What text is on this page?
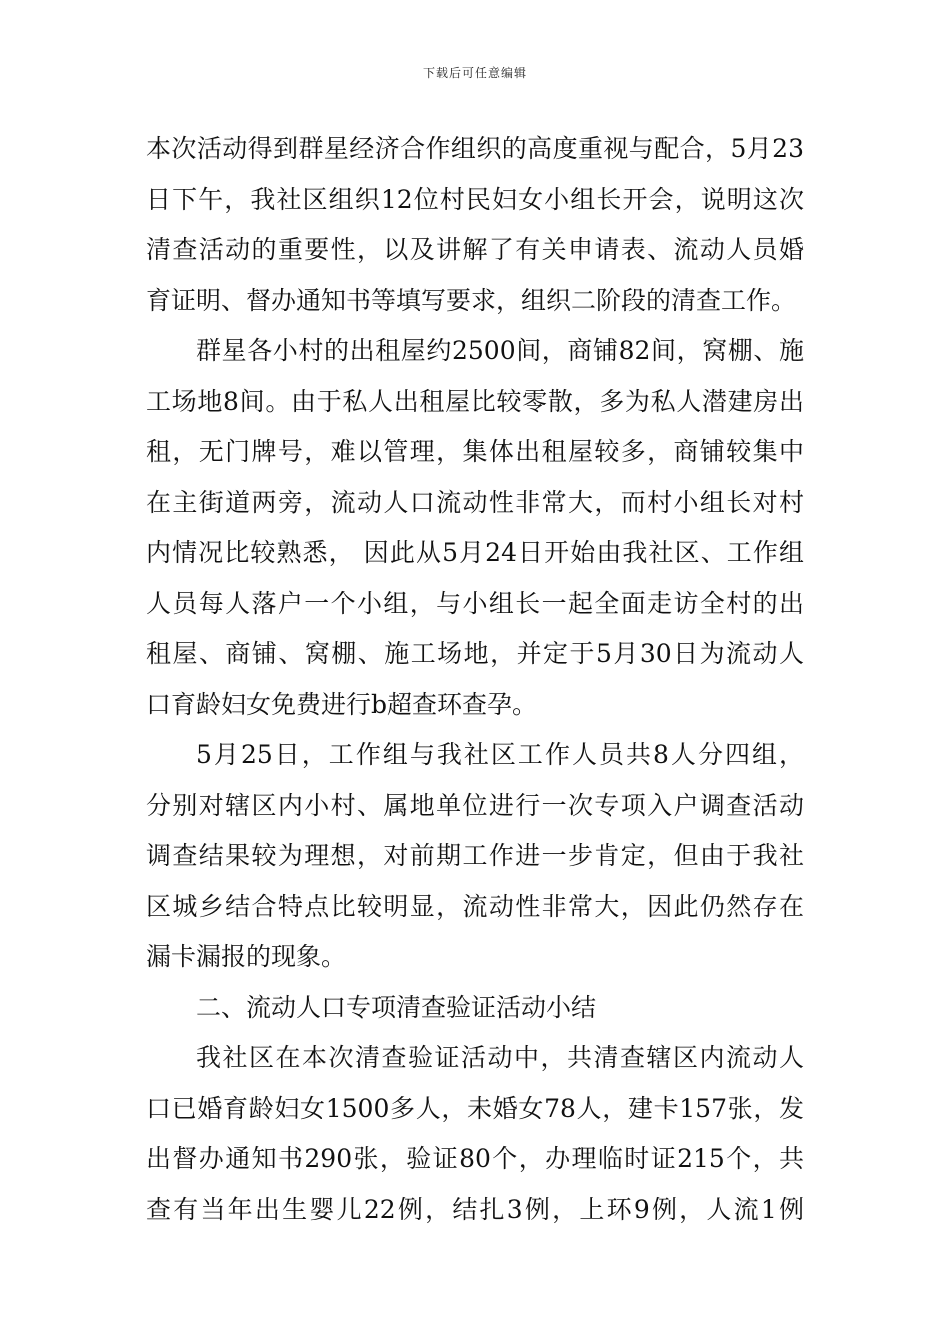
下载后可任意编辑
本次活动得到群星经济合作组织的高度重视与配合，5月23
日下午，我社区组织12位村民妇女小组长开会，说明这次
清查活动的重要性，以及讲解了有关申请表、流动人员婚
育证明、督办通知书等填写要求，组织二阶段的清查工作。
群星各小村的出租屋约2500间，商铺82间，窝棚、施
工场地8间。由于私人出租屋比较零散，多为私人潜建房出
租，无门牌号，难以管理，集体出租屋较多，商铺较集中
在主街道两旁，流动人口流动性非常大，而村小组长对村
内情况比较熟悉， 因此从5月24日开始由我社区、工作组
人员每人落户一个小组，与小组长一起全面走访全村的出
租屋、商铺、窝棚、施工场地，并定于5月30日为流动人
口育龄妇女免费进行b超查环查孕。
5月25日，工作组与我社区工作人员共8人分四组，
分别对辖区内小村、属地单位进行一次专项入户调查活动
调查结果较为理想，对前期工作进一步肯定，但由于我社
区城乡结合特点比较明显，流动性非常大，因此仍然存在
漏卡漏报的现象。
二、流动人口专项清查验证活动小结
我社区在本次清查验证活动中，共清查辖区内流动人
口已婚育龄妇女1500多人，未婚女78人，建卡157张，发
出督办通知书290张，验证80个，办理临时证215个，共
查有当年出生婴儿22例，结扎3例，上环9例，人流1例
